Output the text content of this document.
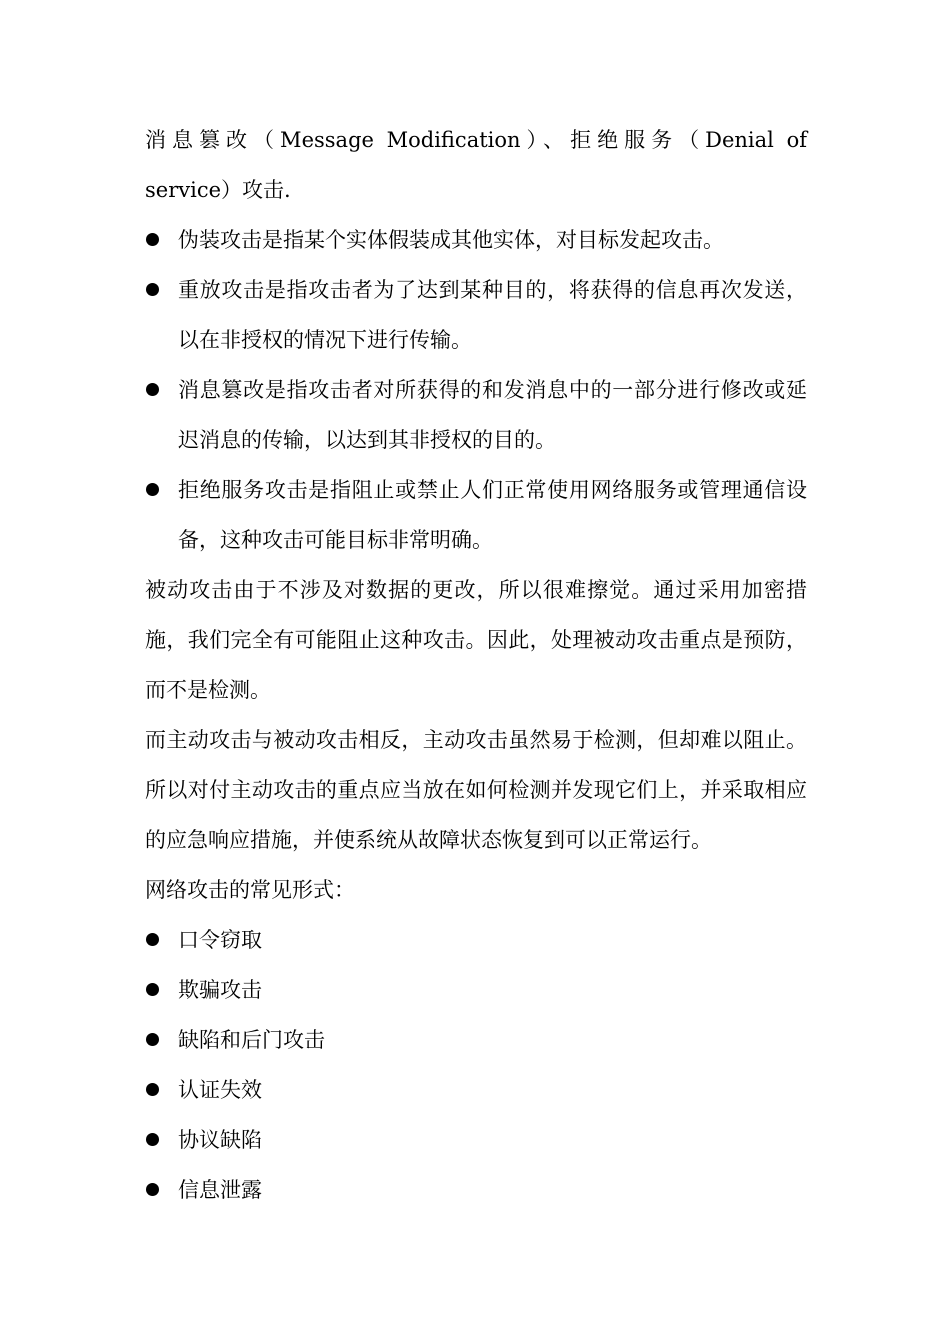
消息篡改（Message Modification）、拒绝服务（Denial of service）攻击.

伪装攻击是指某个实体假装成其他实体，对目标发起攻击。
重放攻击是指攻击者为了达到某种目的，将获得的信息再次发送，以在非授权的情况下进行传输。
消息篡改是指攻击者对所获得的和发消息中的一部分进行修改或延迟消息的传输，以达到其非授权的目的。
拒绝服务攻击是指阻止或禁止人们正常使用网络服务或管理通信设备，这种攻击可能目标非常明确。

被动攻击由于不涉及对数据的更改，所以很难擦觉。通过采用加密措施，我们完全有可能阻止这种攻击。因此，处理被动攻击重点是预防，而不是检测。

而主动攻击与被动攻击相反，主动攻击虽然易于检测，但却难以阻止。所以对付主动攻击的重点应当放在如何检测并发现它们上，并采取相应的应急响应措施，并使系统从故障状态恢复到可以正常运行。

网络攻击的常见形式：

口令窃取
欺骗攻击
缺陷和后门攻击
认证失效
协议缺陷
信息泄露
